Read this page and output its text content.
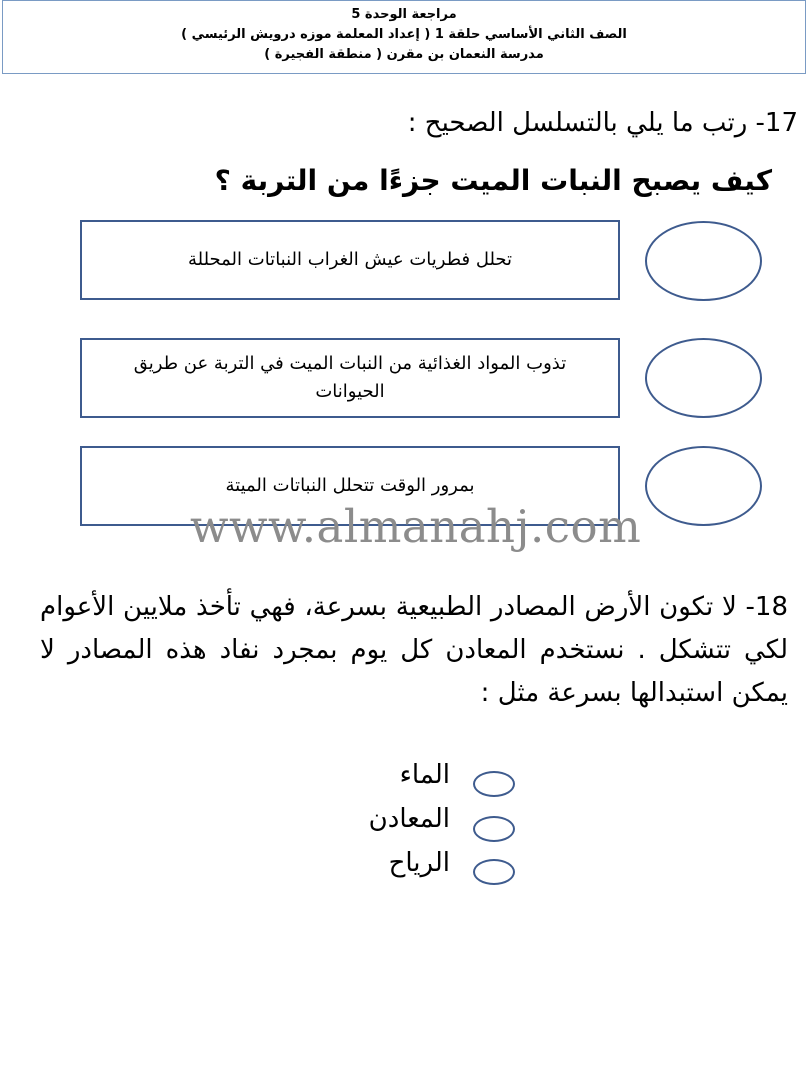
مراجعة الوحدة 5
الصف الثاني الأساسي حلقة 1 ( إعداد المعلمة موزه درويش الرئيسي )
مدرسة النعمان بن مقرن ( منطقة الفجيرة )
17- رتب ما يلي بالتسلسل الصحيح :
كيف يصبح النبات الميت جزءًا من التربة ؟
تحلل فطريات عيش الغراب النباتات المحللة
تذوب المواد الغذائية من النبات الميت في التربة عن طريق الحيوانات
بمرور الوقت تتحلل النباتات الميتة
www.almanahj.com
18- لا تكون الأرض المصادر الطبيعية بسرعة، فهي تأخذ ملايين الأعوام لكي تتشكل . نستخدم المعادن كل يوم بمجرد نفاد هذه المصادر لا يمكن استبدالها بسرعة مثل :
الماء
المعادن
الرياح
